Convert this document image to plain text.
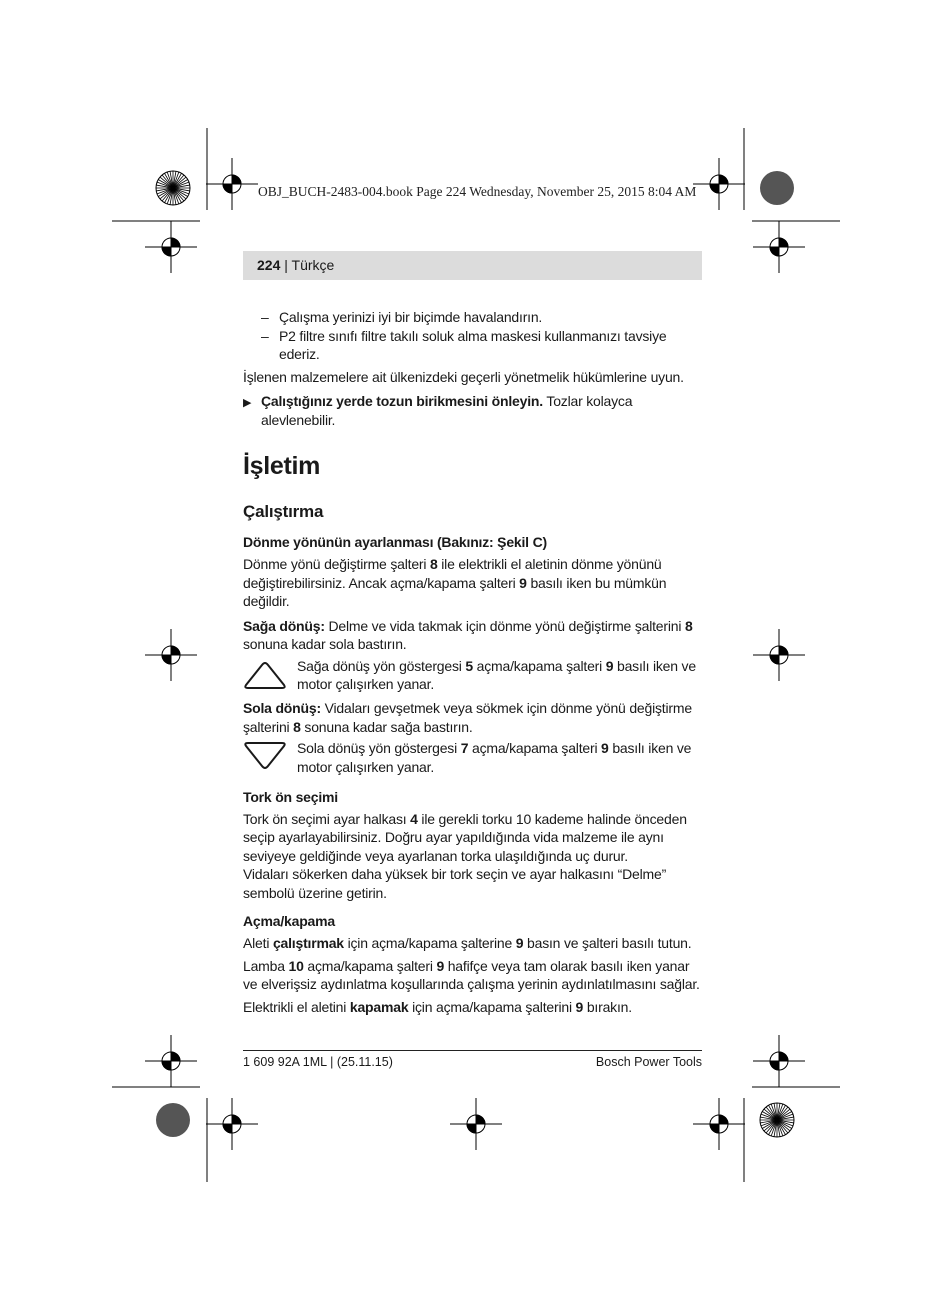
OBJ_BUCH-2483-004.book Page 224 Wednesday, November 25, 2015 8:04 AM
224 | Türkçe
– Çalışma yerinizi iyi bir biçimde havalandırın.
– P2 filtre sınıfı filtre takılı soluk alma maskesi kullanmanızı tavsiye ederiz.

İşlenen malzemelere ait ülkenizdeki geçerli yönetmelik hükümlerine uyun.

▶ Çalıştığınız yerde tozun birikmesini önleyin. Tozlar kolayca alevlenebilir.
İşletim
Çalıştırma
Dönme yönünün ayarlanması (Bakınız: Şekil C)

Dönme yönü değiştirme şalteri 8 ile elektrikli el aletinin dönme yönünü değiştirebilirsiniz. Ancak açma/kapama şalteri 9 basılı iken bu mümkün değildir.

Sağa dönüş: Delme ve vida takmak için dönme yönü değiştirme şalterini 8 sonuna kadar sola bastırın.

Sağa dönüş yön göstergesi 5 açma/kapama şalteri 9 basılı iken ve motor çalışırken yanar.

Sola dönüş: Vidaları gevşetmek veya sökmek için dönme yönü değiştirme şalterini 8 sonuna kadar sağa bastırın.

Sola dönüş yön göstergesi 7 açma/kapama şalteri 9 basılı iken ve motor çalışırken yanar.
Tork ön seçimi

Tork ön seçimi ayar halkası 4 ile gerekli torku 10 kademe halinde önceden seçip ayarlayabilirsiniz. Doğru ayar yapıldığında vida malzeme ile aynı seviyeye geldiğinde veya ayarlanan torka ulaşıldığında uç durur.

Vidaları sökerken daha yüksek bir tork seçin ve ayar halkasını “Delme” sembolü üzerine getirin.

Açma/kapama

Aleti çalıştırmak için açma/kapama şalterine 9 basın ve şalteri basılı tutun.

Lamba 10 açma/kapama şalteri 9 hafifçe veya tam olarak basılı iken yanar ve elverişsiz aydınlatma koşullarında çalışma yerinin aydınlatılmasını sağlar.

Elektrikli el aletini kapamak için açma/kapama şalterini 9 bırakın.

1 609 92A 1ML | (25.11.15)	Bosch Power Tools
